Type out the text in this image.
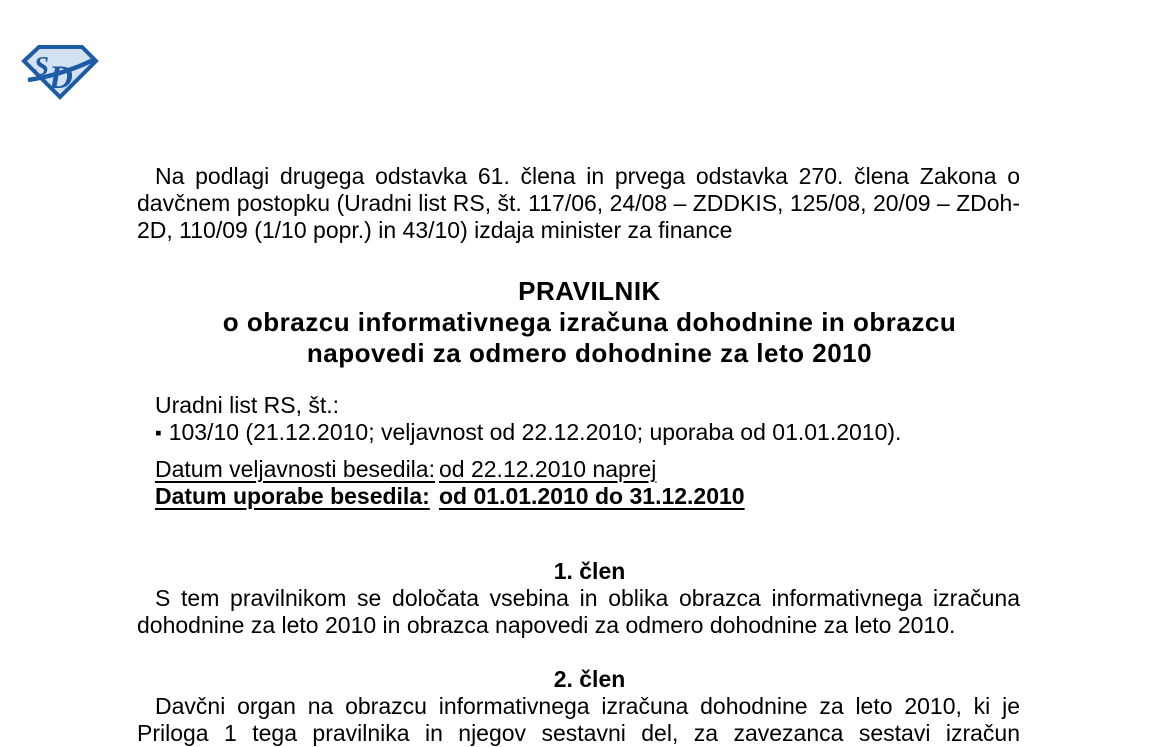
S D

Na podlagi drugega odstavka 61. člena in prvega odstavka 270. člena Zakona o davčnem postopku (Uradni list RS, št. 117/06, 24/08 – ZDDKIS, 125/08, 20/09 – ZDoh-2D, 110/09 (1/10 popr.) in 43/10) izdaja minister za finance

PRAVILNIK
o obrazcu informativnega izračuna dohodnine in obrazcu
napovedi za odmero dohodnine za leto 2010
Uradni list RS, št.:
▪ 103/10 (21.12.2010; veljavnost od 22.12.2010; uporaba od 01.01.2010).
Datum veljavnosti besedila: od 22.12.2010 naprej
Datum uporabe besedila: od 01.01.2010 do 31.12.2010
1. člen

S tem pravilnikom se določata vsebina in oblika obrazca informativnega izračuna dohodnine za leto 2010 in obrazca napovedi za odmero dohodnine za leto 2010.

2. člen

Davčni organ na obrazcu informativnega izračuna dohodnine za leto 2010, ki je Priloga 1 tega pravilnika in njegov sestavni del, za zavezanca sestavi izračun
